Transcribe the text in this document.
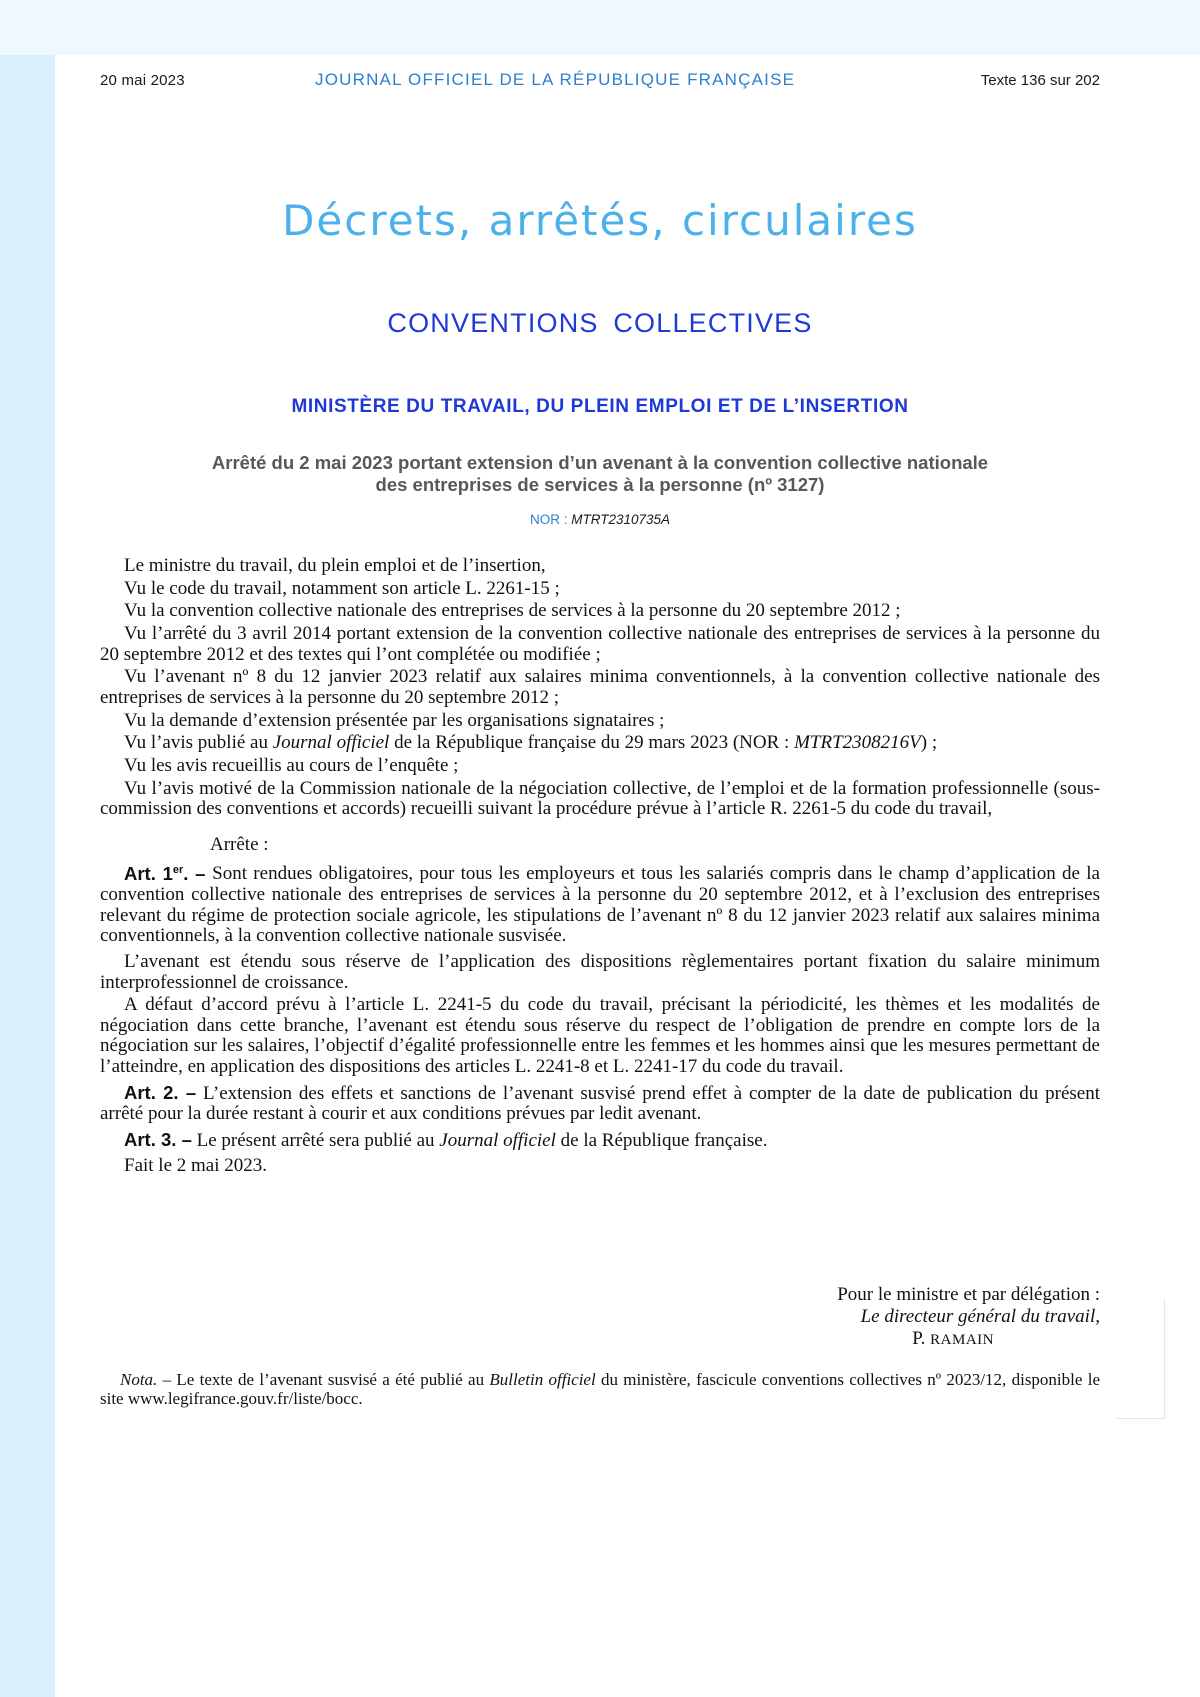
20 mai 2023	JOURNAL OFFICIEL DE LA RÉPUBLIQUE FRANÇAISE	Texte 136 sur 202
Décrets, arrêtés, circulaires
CONVENTIONS COLLECTIVES
MINISTÈRE DU TRAVAIL, DU PLEIN EMPLOI ET DE L’INSERTION
Arrêté du 2 mai 2023 portant extension d’un avenant à la convention collective nationale
des entreprises de services à la personne (nº 3127)
NOR : MTRT2310735A

Le ministre du travail, du plein emploi et de l’insertion,

Vu le code du travail, notamment son article L. 2261-15 ;

Vu la convention collective nationale des entreprises de services à la personne du 20 septembre 2012 ;

Vu l’arrêté du 3 avril 2014 portant extension de la convention collective nationale des entreprises de services à la personne du 20 septembre 2012 et des textes qui l’ont complétée ou modifiée ;

Vu l’avenant nº 8 du 12 janvier 2023 relatif aux salaires minima conventionnels, à la convention collective nationale des entreprises de services à la personne du 20 septembre 2012 ;

Vu la demande d’extension présentée par les organisations signataires ;

Vu l’avis publié au Journal officiel de la République française du 29 mars 2023 (NOR : MTRT2308216V) ;

Vu les avis recueillis au cours de l’enquête ;

Vu l’avis motivé de la Commission nationale de la négociation collective, de l’emploi et de la formation professionnelle (sous-commission des conventions et accords) recueilli suivant la procédure prévue à l’article R. 2261-5 du code du travail,

Arrête :

Art. 1er. – Sont rendues obligatoires, pour tous les employeurs et tous les salariés compris dans le champ d’application de la convention collective nationale des entreprises de services à la personne du 20 septembre 2012, et à l’exclusion des entreprises relevant du régime de protection sociale agricole, les stipulations de l’avenant nº 8 du 12 janvier 2023 relatif aux salaires minima conventionnels, à la convention collective nationale susvisée.

L’avenant est étendu sous réserve de l’application des dispositions règlementaires portant fixation du salaire minimum interprofessionnel de croissance.

A défaut d’accord prévu à l’article L. 2241-5 du code du travail, précisant la périodicité, les thèmes et les modalités de négociation dans cette branche, l’avenant est étendu sous réserve du respect de l’obligation de prendre en compte lors de la négociation sur les salaires, l’objectif d’égalité professionnelle entre les femmes et les hommes ainsi que les mesures permettant de l’atteindre, en application des dispositions des articles L. 2241-8 et L. 2241-17 du code du travail.

Art. 2. – L’extension des effets et sanctions de l’avenant susvisé prend effet à compter de la date de publication du présent arrêté pour la durée restant à courir et aux conditions prévues par ledit avenant.

Art. 3. – Le présent arrêté sera publié au Journal officiel de la République française.

Fait le 2 mai 2023.

Pour le ministre et par délégation :
Le directeur général du travail,
P. RAMAIN
Nota. – Le texte de l’avenant susvisé a été publié au Bulletin officiel du ministère, fascicule conventions collectives nº 2023/12, disponible le site www.legifrance.gouv.fr/liste/bocc.
